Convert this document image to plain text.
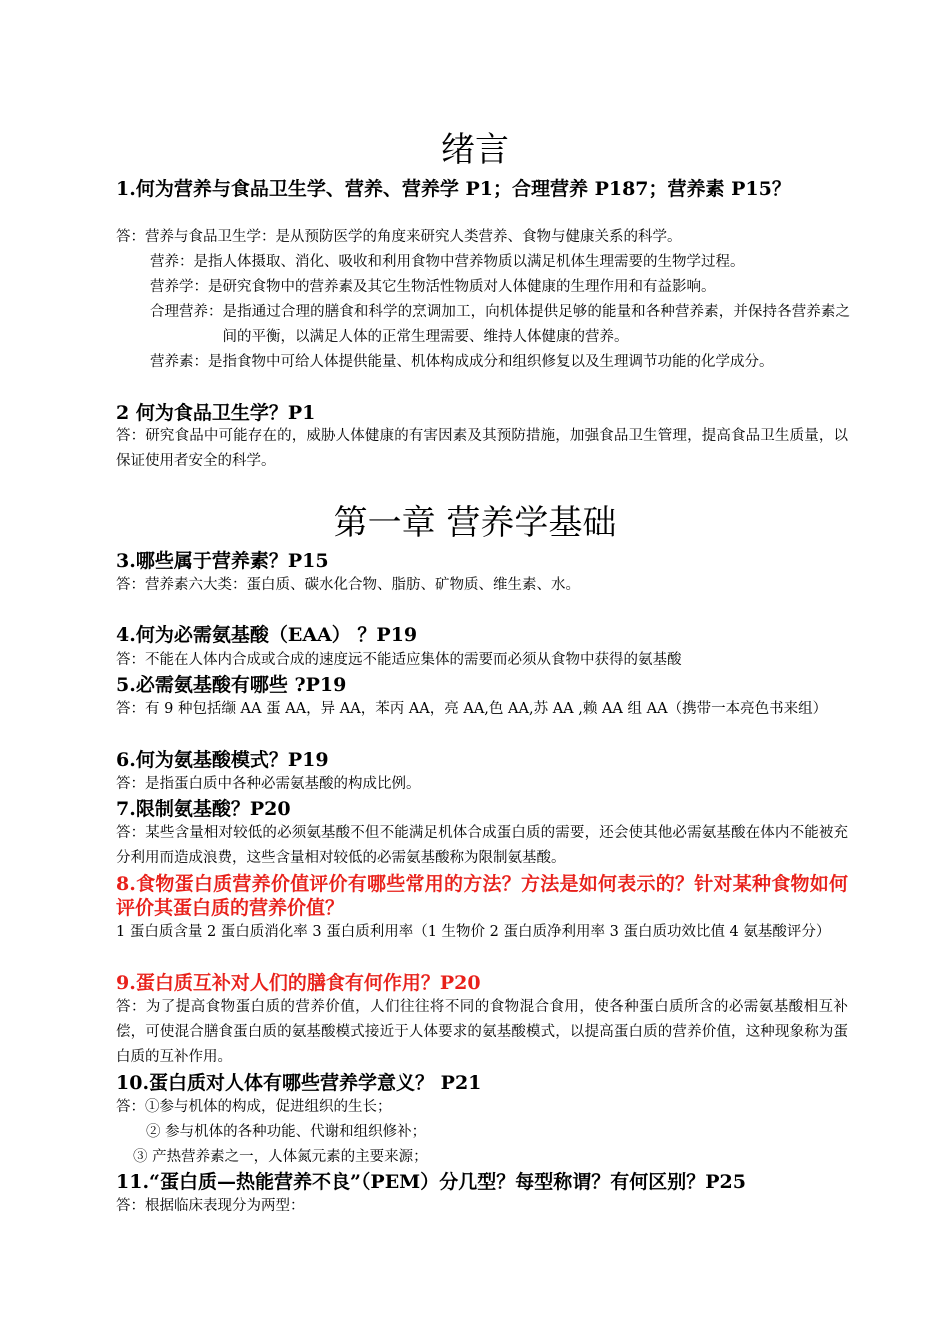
绪言
1.何为营养与食品卫生学、营养、营养学 P1；合理营养 P187；营养素 P15？
答：营养与食品卫生学：是从预防医学的角度来研究人类营养、食物与健康关系的科学。
营养： 是指人体摄取、消化、吸收和利用食物中营养物质以满足机体生理需要的生物学过程。
营养学： 是研究食物中的营养素及其它生物活性物质对人体健康的生理作用和有益影响。
合理营养： 是指通过合理的膳食和科学的烹调加工，向机体提供足够的能量和各种营养素，并保持各营养素之间的平衡，以满足人体的正常生理需要、维持人体健康的营养。
营养素： 是指食物中可给人体提供能量、机体构成成分和组织修复以及生理调节功能的化学成分。
2 何为食品卫生学？P1
答：研究食品中可能存在的，威胁人体健康的有害因素及其预防措施，加强食品卫生管理，提高食品卫生质量，以保证使用者安全的科学。
第一章 营养学基础
3.哪些属于营养素？P15
答：营养素六大类：蛋白质、碳水化合物、脂肪、矿物质、维生素、水。
4.何为必需氨基酸（EAA） ？P19
答：不能在人体内合成或合成的速度远不能适应集体的需要而必须从食物中获得的氨基酸
5.必需氨基酸有哪些 ?P19
答：有 9 种包括缬 AA 蛋 AA，异 AA，苯丙 AA，亮 AA,色 AA,苏 AA ,赖 AA 组 AA（携带一本亮色书来组）
6.何为氨基酸模式？P19
答：是指蛋白质中各种必需氨基酸的构成比例。
7.限制氨基酸？P20
答：某些含量相对较低的必须氨基酸不但不能满足机体合成蛋白质的需要，还会使其他必需氨基酸在体内不能被充分利用而造成浪费，这些含量相对较低的必需氨基酸称为限制氨基酸。
8.食物蛋白质营养价值评价有哪些常用的方法？方法是如何表示的？针对某种食物如何评价其蛋白质的营养价值？
1 蛋白质含量 2 蛋白质消化率 3 蛋白质利用率（1 生物价 2 蛋白质净利用率 3 蛋白质功效比值 4 氨基酸评分）
9.蛋白质互补对人们的膳食有何作用？P20
答：为了提高食物蛋白质的营养价值，人们往往将不同的食物混合食用，使各种蛋白质所含的必需氨基酸相互补偿，可使混合膳食蛋白质的氨基酸模式接近于人体要求的氨基酸模式，以提高蛋白质的营养价值，这种现象称为蛋白质的互补作用。
10.蛋白质对人体有哪些营养学意义？ P21
答：①参与机体的构成，促进组织的生长；
② 参与机体的各种功能、代谢和组织修补；
③ 产热营养素之一，人体氮元素的主要来源；
11.“蛋白质—热能营养不良”（PEM）分几型？每型称谓？有何区别？P25
答：根据临床表现分为两型：
